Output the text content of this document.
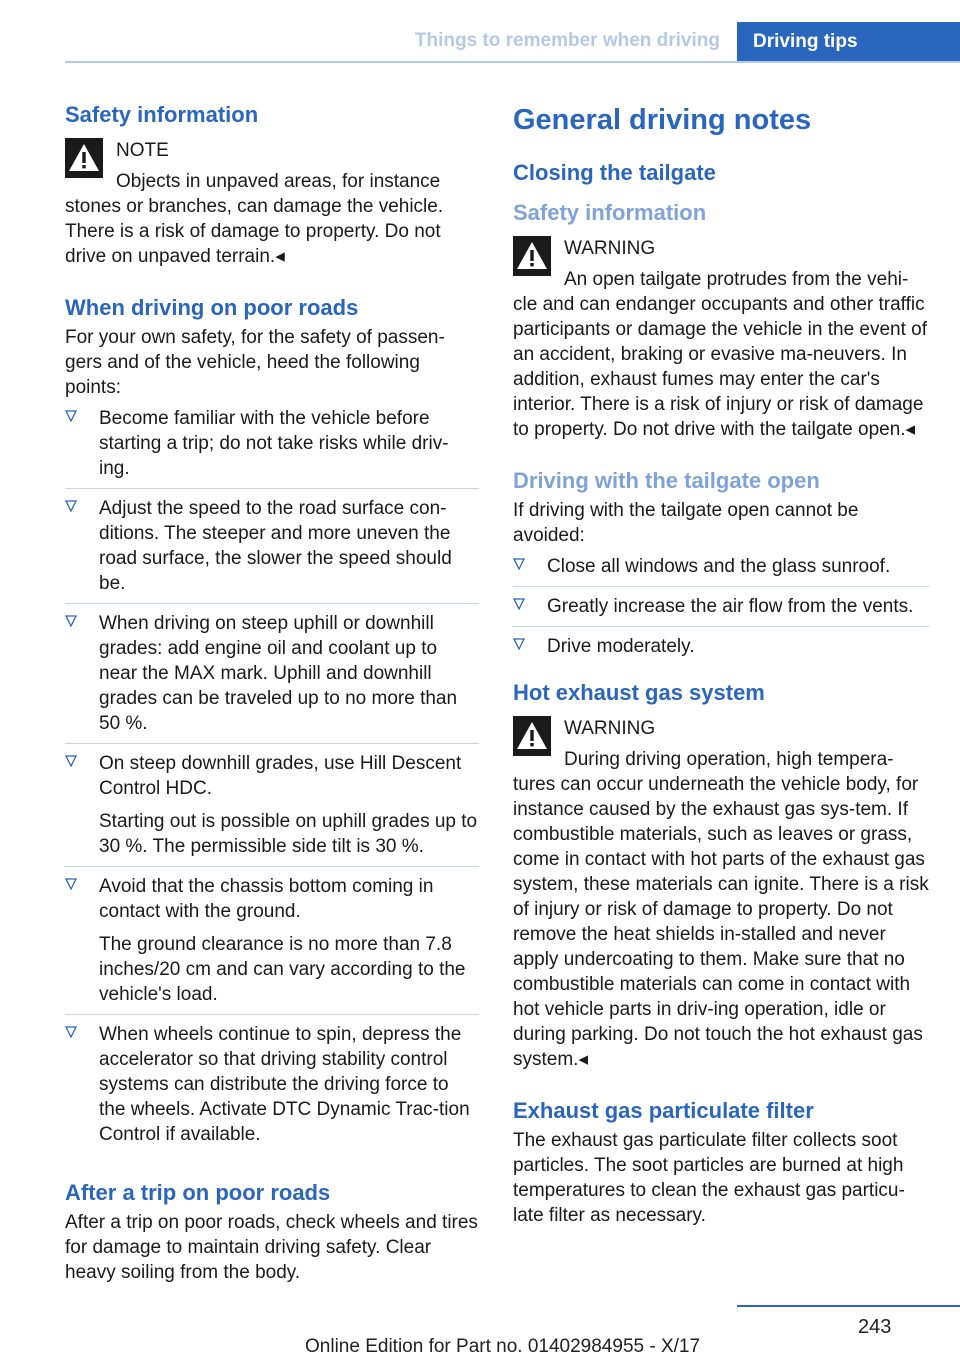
Things to remember when driving	Driving tips
Safety information
NOTE

Objects in unpaved areas, for instance stones or branches, can damage the vehicle. There is a risk of damage to property. Do not drive on unpaved terrain.◂

When driving on poor roads

For your own safety, for the safety of passen-gers and of the vehicle, heed the following points:

Become familiar with the vehicle before starting a trip; do not take risks while driv-ing.
Adjust the speed to the road surface con-ditions. The steeper and more uneven the road surface, the slower the speed should be.
When driving on steep uphill or downhill grades: add engine oil and coolant up to near the MAX mark. Uphill and downhill grades can be traveled up to no more than 50 %.
On steep downhill grades, use Hill Descent Control HDC.

Starting out is possible on uphill grades up to 30 %. The permissible side tilt is 30 %.

Avoid that the chassis bottom coming in contact with the ground.

The ground clearance is no more than 7.8 inches/20 cm and can vary according to the vehicle's load.

When wheels continue to spin, depress the accelerator so that driving stability control systems can distribute the driving force to the wheels. Activate DTC Dynamic Trac-tion Control if available.
After a trip on poor roads

After a trip on poor roads, check wheels and tires for damage to maintain driving safety. Clear heavy soiling from the body.

General driving notes
Closing the tailgate
Safety information
WARNING

An open tailgate protrudes from the vehi-cle and can endanger occupants and other traffic participants or damage the vehicle in the event of an accident, braking or evasive ma-neuvers. In addition, exhaust fumes may enter the car's interior. There is a risk of injury or risk of damage to property. Do not drive with the tailgate open.◂

Driving with the tailgate open

If driving with the tailgate open cannot be avoided:

Close all windows and the glass sunroof.
Greatly increase the air flow from the vents.
Drive moderately.
Hot exhaust gas system
WARNING

During driving operation, high tempera-tures can occur underneath the vehicle body, for instance caused by the exhaust gas sys-tem. If combustible materials, such as leaves or grass, come in contact with hot parts of the exhaust gas system, these materials can ignite. There is a risk of injury or risk of damage to property. Do not remove the heat shields in-stalled and never apply undercoating to them. Make sure that no combustible materials can come in contact with hot vehicle parts in driv-ing operation, idle or during parking. Do not touch the hot exhaust gas system.◂

Exhaust gas particulate filter

The exhaust gas particulate filter collects soot particles. The soot particles are burned at high temperatures to clean the exhaust gas particu-late filter as necessary.

243
Online Edition for Part no. 01402984955 - X/17
